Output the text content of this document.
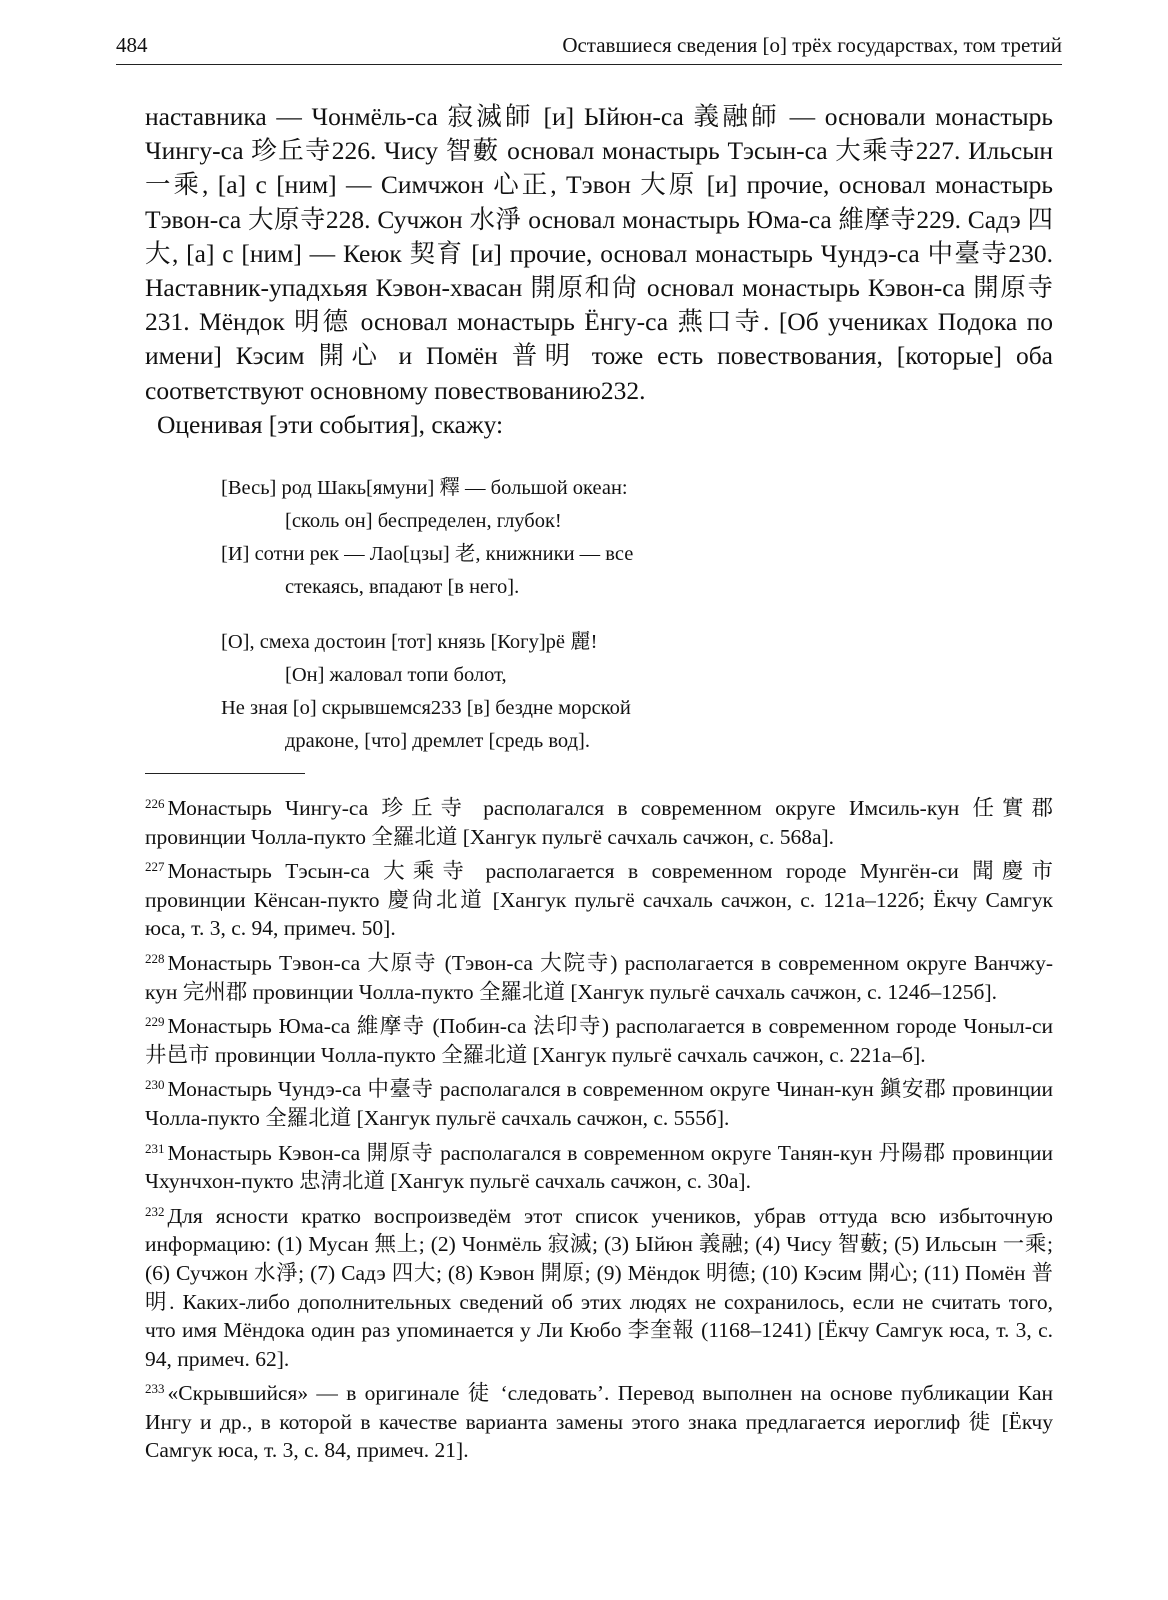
484	Оставшиеся сведения [о] трёх государствах, том третий

наставника — Чонмёль-са 寂滅師 [и] Ыйюн-са 義融師 — основали монастырь Чингу-са 珍丘寺226. Чису 智藪 основал монастырь Тэсын-са 大乘寺227. Ильсын 一乘, [а] с [ним] — Симчжон 心正, Тэвон 大原 [и] прочие, основал монастырь Тэвон-са 大原寺228. Сучжон 水淨 основал монастырь Юма-са 維摩寺229. Садэ 四大, [а] с [ним] — Кеюк 契育 [и] прочие, основал монастырь Чундэ-са 中臺寺230. Наставник-упадхьяя Кэвон-хвасан 開原和尙 основал монастырь Кэвон-са 開原寺231. Мёндок 明德 основал монастырь Ёнгу-са 燕口寺. [Об учениках Подока по имени] Кэсим 開心 и Помён 普明 тоже есть повествования, [которые] оба соответствуют основному повествованию232.

Оценивая [эти события], скажу:

[Весь] род Шакь[ямуни] 釋 — большой океан:
[сколь он] беспределен, глубок!
[И] сотни рек — Лао[цзы] 老, книжники — все
стекаясь, впадают [в него].
[О], смеха достоин [тот] князь [Когу]рё 麗!
[Он] жаловал топи болот,
Не зная [о] скрывшемся233 [в] бездне морской
драконе, [что] дремлет [средь вод].

$^{226}$ Монастырь Чингу-са 珍丘寺 располагался в современном округе Имсиль-кун 任實郡 провинции Чолла-пукто 全羅北道 [Хангук пульгё сачхаль сачжон, с. 568а].

$^{227}$ Монастырь Тэсын-са 大乘寺 располагается в современном городе Мунгён-си 聞慶市 провинции Кёнсан-пукто 慶尙北道 [Хангук пульгё сачхаль сачжон, с. 121а–122б; Ёкчу Самгук юса, т. 3, с. 94, примеч. 50].

$^{228}$ Монастырь Тэвон-са 大原寺 (Тэвон-са 大院寺) располагается в современном округе Ванчжу-кун 完州郡 провинции Чолла-пукто 全羅北道 [Хангук пульгё сачхаль сачжон, с. 124б–125б].

$^{229}$ Монастырь Юма-са 維摩寺 (Побин-са 法印寺) располагается в современном городе Чоныл-си 井邑市 провинции Чолла-пукто 全羅北道 [Хангук пульгё сачхаль сачжон, с. 221а–б].

$^{230}$ Монастырь Чундэ-са 中臺寺 располагался в современном округе Чинан-кун 鎭安郡 провинции Чолла-пукто 全羅北道 [Хангук пульгё сачхаль сачжон, с. 555б].

$^{231}$ Монастырь Кэвон-са 開原寺 располагался в современном округе Танян-кун 丹陽郡 провинции Чхунчхон-пукто 忠淸北道 [Хангук пульгё сачхаль сачжон, с. 30а].

$^{232}$ Для ясности кратко воспроизведём этот список учеников, убрав оттуда всю избыточную информацию: (1) Мусан 無上; (2) Чонмёль 寂滅; (3) Ыйюн 義融; (4) Чису 智藪; (5) Ильсын 一乘; (6) Сучжон 水淨; (7) Садэ 四大; (8) Кэвон 開原; (9) Мёндок 明德; (10) Кэсим 開心; (11) Помён 普明. Каких-либо дополнительных сведений об этих людях не сохранилось, если не считать того, что имя Мёндока один раз упоминается у Ли Кюбо 李奎報 (1168–1241) [Ёкчу Самгук юса, т. 3, с. 94, примеч. 62].

$^{233}$ «Скрывшийся» — в оригинале 徒 ‘следовать’. Перевод выполнен на основе публикации Кан Ингу и др., в которой в качестве варианта замены этого знака предлагается иероглиф 徙 [Ёкчу Самгук юса, т. 3, с. 84, примеч. 21].
